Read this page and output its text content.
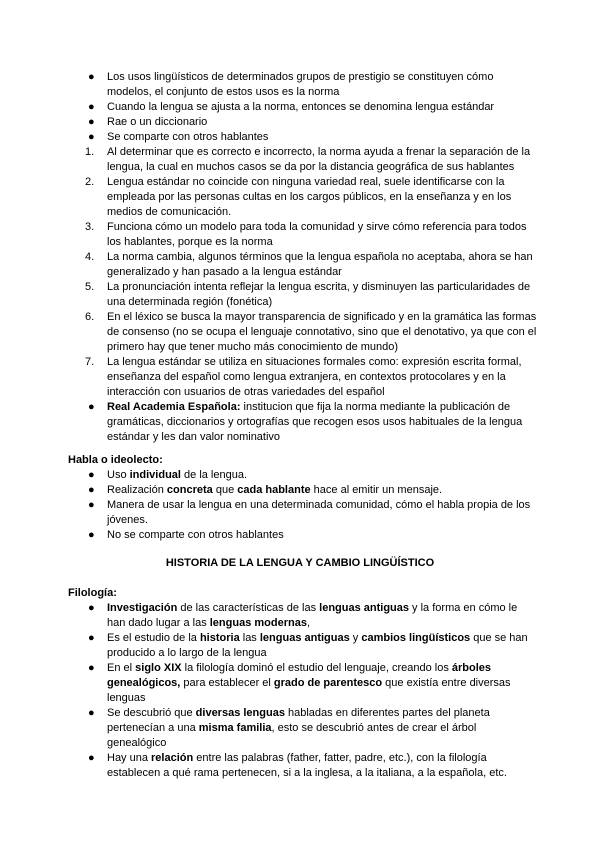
● Los usos lingüísticos de determinados grupos de prestigio se constituyen cómo modelos, el conjunto de estos usos es la norma
● Cuando la lengua se ajusta a la norma, entonces se denomina lengua estándar
● Rae o un diccionario
● Se comparte con otros hablantes
1.	Al determinar que es correcto e incorrecto, la norma ayuda a frenar la separación de la lengua, la cual en muchos casos se da por la distancia geográfica de sus hablantes
2.	Lengua estándar no coincide con ninguna variedad real, suele identificarse con la empleada por las personas cultas en los cargos públicos, en la enseñanza y en los medios de comunicación.
3.	Funciona cómo un modelo para toda la comunidad y sirve cómo referencia para todos los hablantes, porque es la norma
4.	La norma cambia, algunos términos que la lengua española no aceptaba, ahora se han generalizado y han pasado a la lengua estándar
5.	La pronunciación intenta reflejar la lengua escrita, y disminuyen las particularidades de una determinada región (fonética)
6.	En el léxico se busca la mayor transparencia de significado y en la gramática las formas de consenso (no se ocupa el lenguaje connotativo, sino que el denotativo, ya que con el primero hay que tener mucho más conocimiento de mundo)
7.	La lengua estándar se utiliza en situaciones formales como: expresión escrita formal, enseñanza del español como lengua extranjera, en contextos protocolares y en la interacción con usuarios de otras variedades del español
● Real Academia Española: institucion que fija la norma mediante la publicación de gramáticas, diccionarios y ortografías que recogen esos usos habituales de la lengua estándar y les dan valor nominativo
Habla o ideolecto:
● Uso individual de la lengua.
● Realización concreta que cada hablante hace al emitir un mensaje.
● Manera de usar la lengua en una determinada comunidad, cómo el habla propia de los jóvenes.
● No se comparte con otros hablantes
HISTORIA DE LA LENGUA Y CAMBIO LINGÜÍSTICO
Filología:
● Investigación de las características de las lenguas antiguas y la forma en cómo le han dado lugar a las lenguas modernas,
● Es el estudio de la historia las lenguas antiguas y cambios lingüísticos que se han producido a lo largo de la lengua
● En el siglo XIX la filología dominó el estudio del lenguaje, creando los árboles genealógicos, para establecer el grado de parentesco que existía entre diversas lenguas
● Se descubrió que diversas lenguas habladas en diferentes partes del planeta pertenecían a una misma familia, esto se descubrió antes de crear el árbol genealógico
● Hay una relación entre las palabras (father, fatter, padre, etc.), con la filología establecen a qué rama pertenecen, si a la inglesa, a la italiana, a la española, etc.
